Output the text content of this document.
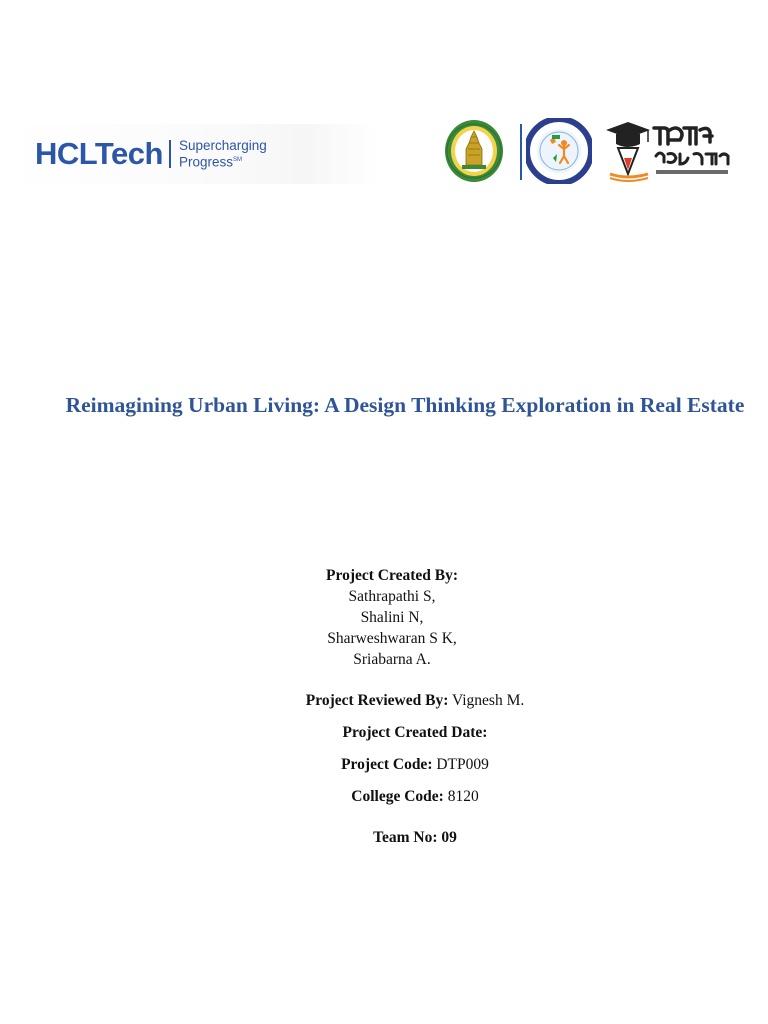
HCLTech Supercharging
Progress℠
Reimagining Urban Living: A Design Thinking Exploration in Real Estate
Project Created By:
Sathrapathi S,
Shalini N,
Sharweshwaran S K,
Sriabarna A.
Project Reviewed By: Vignesh M.
Project Created Date:
Project Code: DTP009
College Code: 8120
Team No: 09
